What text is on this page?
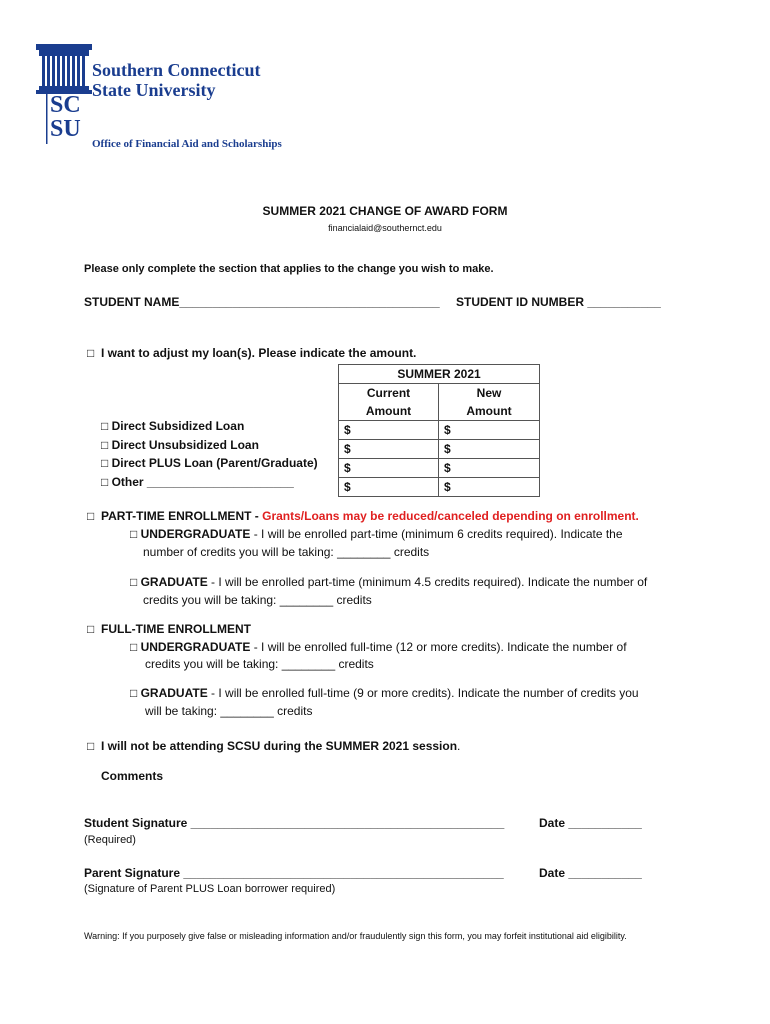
Southern Connecticut
State University
SC
SU
Office of Financial Aid and Scholarships
SUMMER 2021 CHANGE OF AWARD FORM
financialaid@southernct.edu
Please only complete the section that applies to the change you wish to make.
STUDENT NAME_______________________________________ STUDENT ID NUMBER ___________
□ I want to adjust my loan(s). Please indicate the amount.
SUMMER 2021	
Current	New
Amount	Amount
$	$
$	$
$	$
$	$
□ Direct Subsidized Loan
□ Direct Unsubsidized Loan
□ Direct PLUS Loan (Parent/Graduate)
□ Other ______________________
□ PART-TIME ENROLLMENT - Grants/Loans may be reduced/canceled depending on enrollment.
□ UNDERGRADUATE - I will be enrolled part-time (minimum 6 credits required). Indicate the
number of credits you will be taking: ________ credits
□ GRADUATE - I will be enrolled part-time (minimum 4.5 credits required). Indicate the number of
credits you will be taking: ________ credits
□ FULL-TIME ENROLLMENT
□ UNDERGRADUATE - I will be enrolled full-time (12 or more credits). Indicate the number of
credits you will be taking: ________ credits
□ GRADUATE - I will be enrolled full-time (9 or more credits). Indicate the number of credits you
will be taking: ________ credits
□ I will not be attending SCSU during the SUMMER 2021 session.
Comments
Student Signature _______________________________________________	Date ___________
(Required)
Parent Signature ________________________________________________	Date ___________
(Signature of Parent PLUS Loan borrower required)
Warning: If you purposely give false or misleading information and/or fraudulently sign this form, you may forfeit institutional aid eligibility.
